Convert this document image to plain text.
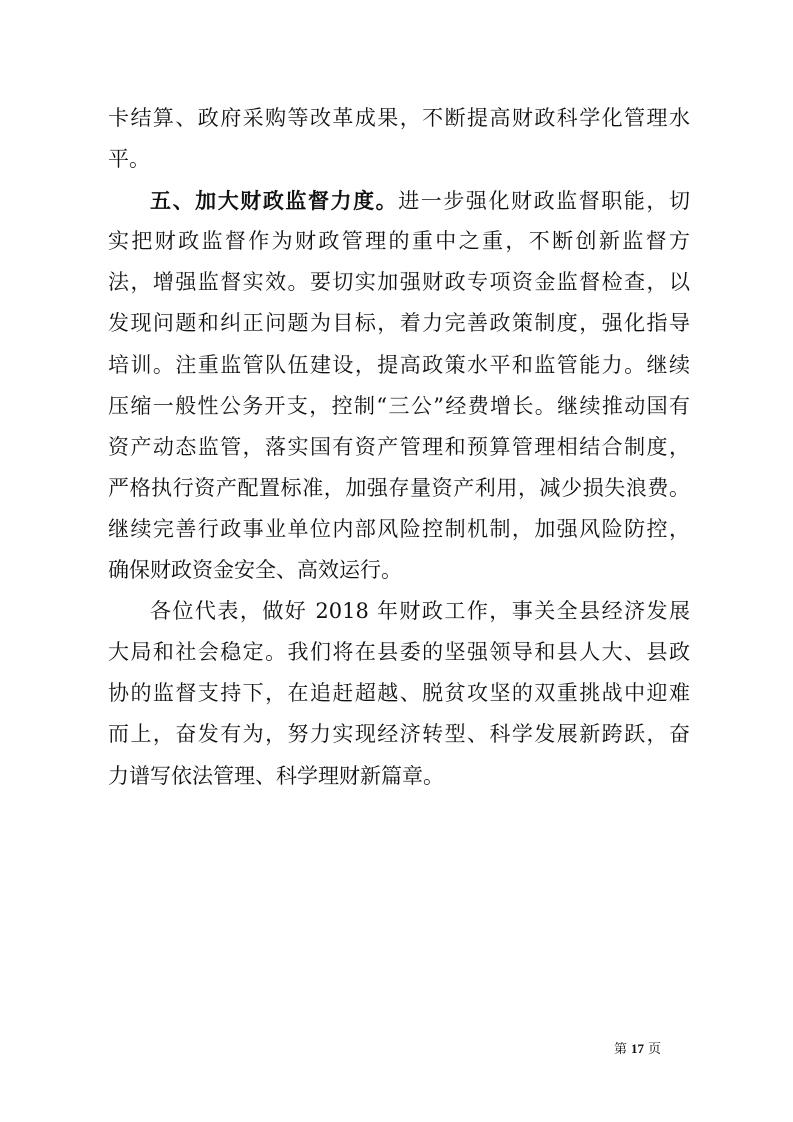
卡结算、政府采购等改革成果，不断提高财政科学化管理水
平。
五、加大财政监督力度。进一步强化财政监督职能，切
实把财政监督作为财政管理的重中之重，不断创新监督方
法，增强监督实效。要切实加强财政专项资金监督检查，以
发现问题和纠正问题为目标，着力完善政策制度，强化指导
培训。注重监管队伍建设，提高政策水平和监管能力。继续
压缩一般性公务开支，控制“三公”经费增长。继续推动国有
资产动态监管，落实国有资产管理和预算管理相结合制度，
严格执行资产配置标准，加强存量资产利用，减少损失浪费。
继续完善行政事业单位内部风险控制机制，加强风险防控，
确保财政资金安全、高效运行。
各位代表，做好 2018 年财政工作，事关全县经济发展
大局和社会稳定。我们将在县委的坚强领导和县人大、县政
协的监督支持下，在追赶超越、脱贫攻坚的双重挑战中迎难
而上，奋发有为，努力实现经济转型、科学发展新跨跃，奋
力谱写依法管理、科学理财新篇章。
第 17 页
